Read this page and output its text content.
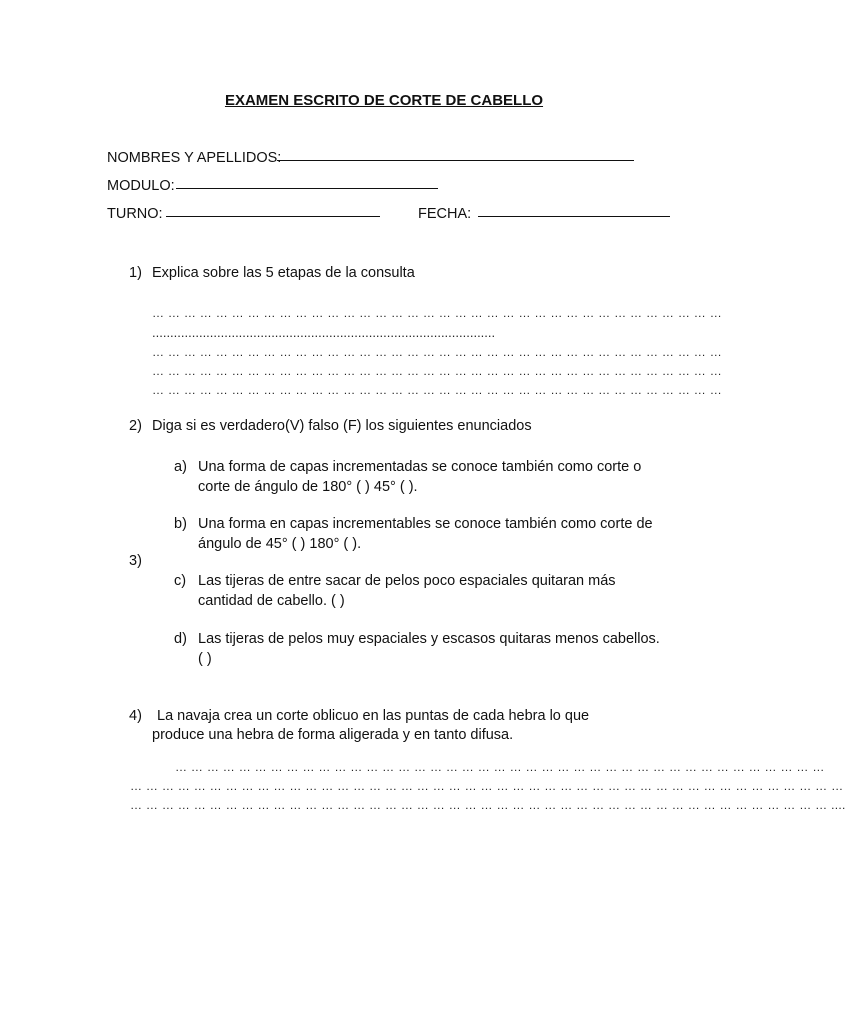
EXAMEN ESCRITO DE CORTE DE CABELLO
NOMBRES Y APELLIDOS:
MODULO:
TURNO:	FECHA:
1) Explica sobre las 5 etapas de la consulta
… … … … … … … … … … … … … … … … … … … … … … … … … … … … … … … … … … … …
...............................................................................................
… … … … … … … … … … … … … … … … … … … … … … … … … … … … … … … … … … … …
… … … … … … … … … … … … … … … … … … … … … … … … … … … … … … … … … … … …
… … … … … … … … … … … … … … … … … … … … … … … … … … … … … … … … … … … …
2) Diga si es verdadero(V) falso (F) los siguientes enunciados
a) Una forma de capas incrementadas se conoce también como corte o corte de ángulo de 180° ( ) 45° ( ).
b) Una forma en capas incrementables se conoce también como corte de ángulo de 45° ( ) 180° ( ).
3)
c) Las tijeras de entre sacar de pelos poco espaciales quitaran más cantidad de cabello. ( )
d) Las tijeras de pelos muy espaciales y escasos quitaras menos cabellos. ( )
4) La navaja crea un corte oblicuo en las puntas de cada hebra lo que
produce una hebra de forma aligerada y en tanto difusa.
… … … … … … … … … … … … … … … … … … … … … … … … … … … … … … … … … … … … … … … … …
… … … … … … … … … … … … … … … … … … … … … … … … … … … … … … … … … … … … … … … … … … … … …
… … … … … … … … … … … … … … … … … … … … … … … … … … … … … … … … … … … … … … … … … … … … ....
